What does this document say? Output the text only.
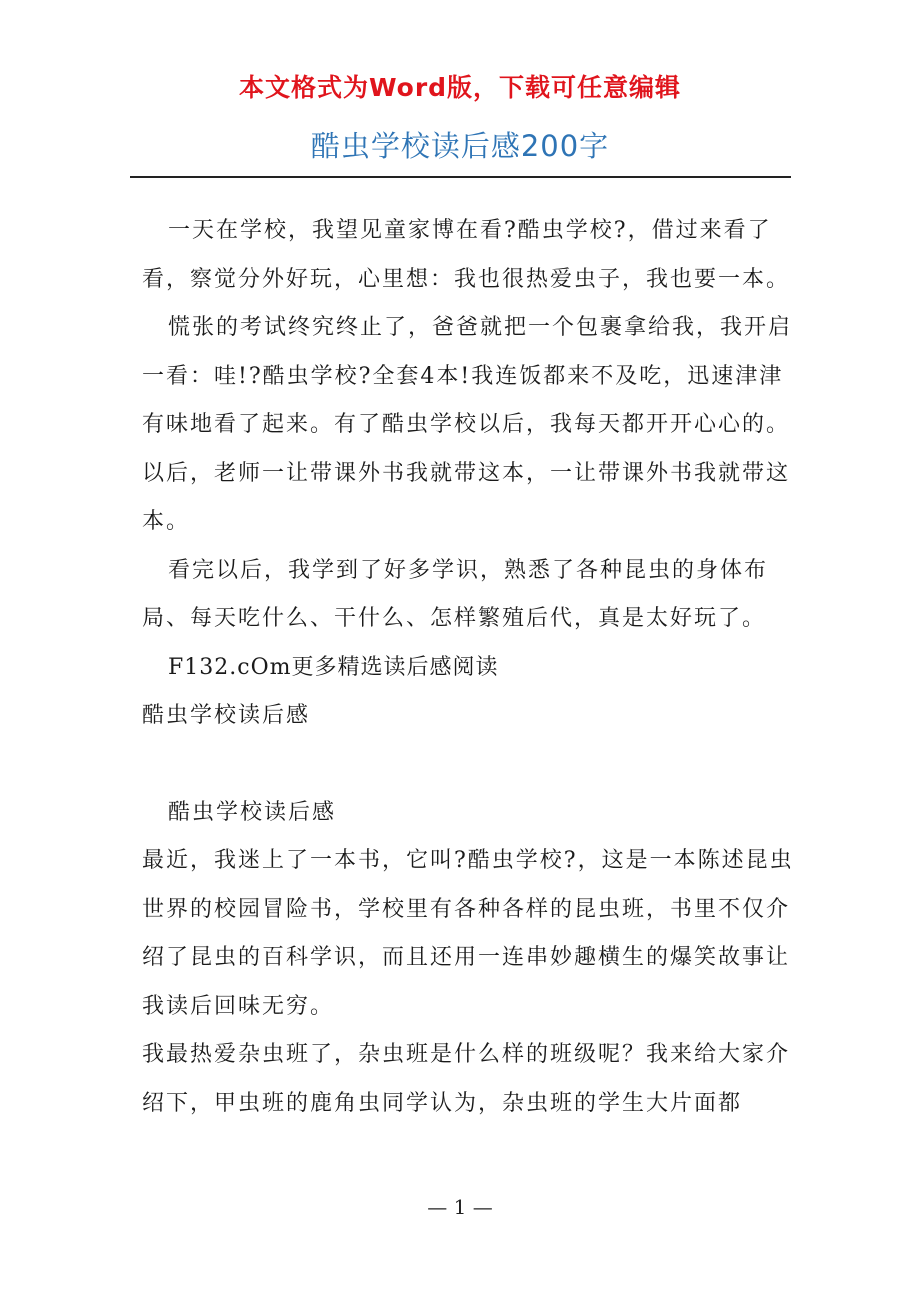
本文格式为Word版，下载可任意编辑
酷虫学校读后感200字

一天在学校，我望见童家博在看?酷虫学校?，借过来看了看，察觉分外好玩，心里想：我也很热爱虫子，我也要一本。

慌张的考试终究终止了，爸爸就把一个包裹拿给我，我开启一看：哇!?酷虫学校?全套4本!我连饭都来不及吃，迅速津津有味地看了起来。有了酷虫学校以后，我每天都开开心心的。以后，老师一让带课外书我就带这本，一让带课外书我就带这本。

看完以后，我学到了好多学识，熟悉了各种昆虫的身体布局、每天吃什么、干什么、怎样繁殖后代，真是太好玩了。

F132.cOm更多精选读后感阅读

酷虫学校读后感

酷虫学校读后感

最近，我迷上了一本书，它叫?酷虫学校?，这是一本陈述昆虫世界的校园冒险书，学校里有各种各样的昆虫班，书里不仅介绍了昆虫的百科学识，而且还用一连串妙趣横生的爆笑故事让我读后回味无穷。

我最热爱杂虫班了，杂虫班是什么样的班级呢？我来给大家介绍下，甲虫班的鹿角虫同学认为，杂虫班的学生大片面都

— 1 —
